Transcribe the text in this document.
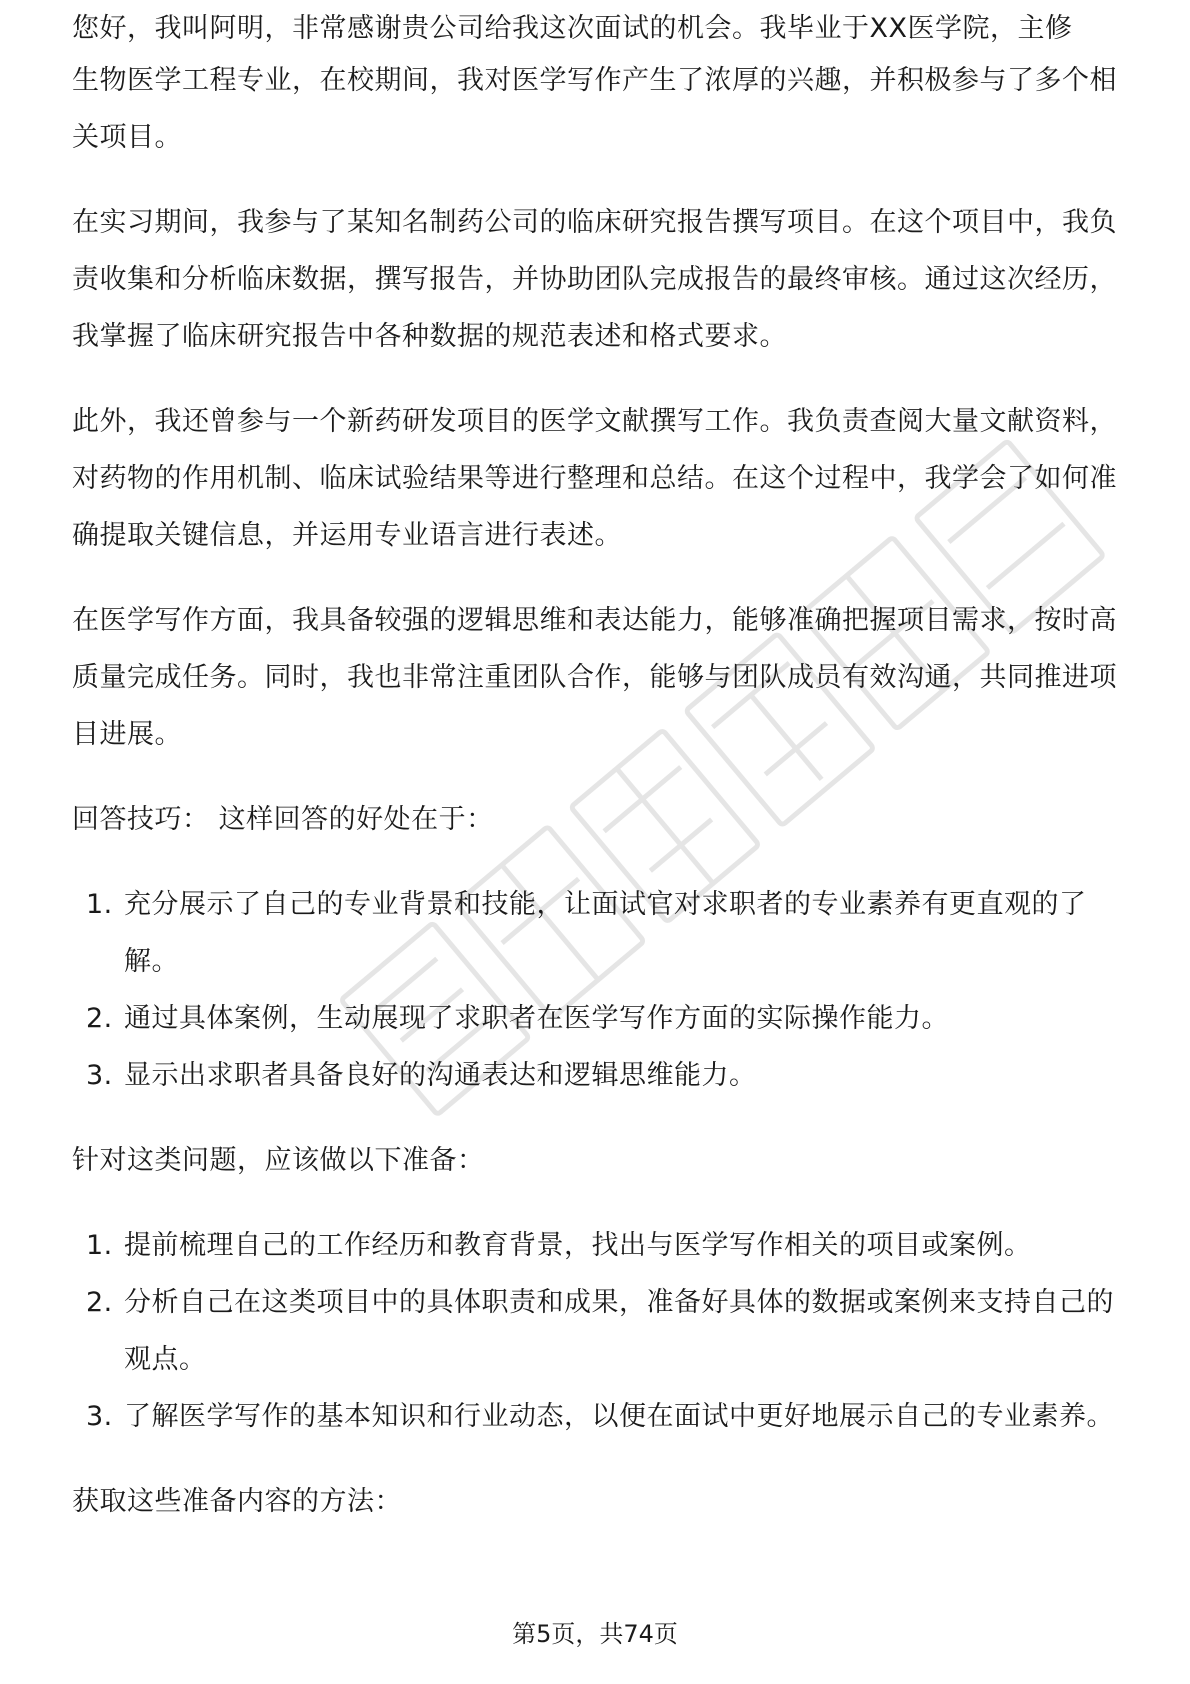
您好，我叫阿明，非常感谢贵公司给我这次面试的机会。我毕业于XX医学院，主修

生物医学工程专业，在校期间，我对医学写作产生了浓厚的兴趣，并积极参与了多个相关项目。

在实习期间，我参与了某知名制药公司的临床研究报告撰写项目。在这个项目中，我负责收集和分析临床数据，撰写报告，并协助团队完成报告的最终审核。通过这次经历，我掌握了临床研究报告中各种数据的规范表述和格式要求。

此外，我还曾参与一个新药研发项目的医学文献撰写工作。我负责查阅大量文献资料，对药物的作用机制、临床试验结果等进行整理和总结。在这个过程中，我学会了如何准确提取关键信息，并运用专业语言进行表述。

在医学写作方面，我具备较强的逻辑思维和表达能力，能够准确把握项目需求，按时高质量完成任务。同时，我也非常注重团队合作，能够与团队成员有效沟通，共同推进项目进展。

回答技巧： 这样回答的好处在于：

1. 充分展示了自己的专业背景和技能，让面试官对求职者的专业素养有更直观的了解。
2. 通过具体案例，生动展现了求职者在医学写作方面的实际操作能力。
3. 显示出求职者具备良好的沟通表达和逻辑思维能力。

针对这类问题，应该做以下准备：

1. 提前梳理自己的工作经历和教育背景，找出与医学写作相关的项目或案例。
2. 分析自己在这类项目中的具体职责和成果，准备好具体的数据或案例来支持自己的观点。
3. 了解医学写作的基本知识和行业动态，以便在面试中更好地展示自己的专业素养。

获取这些准备内容的方法：

第5页，共74页
